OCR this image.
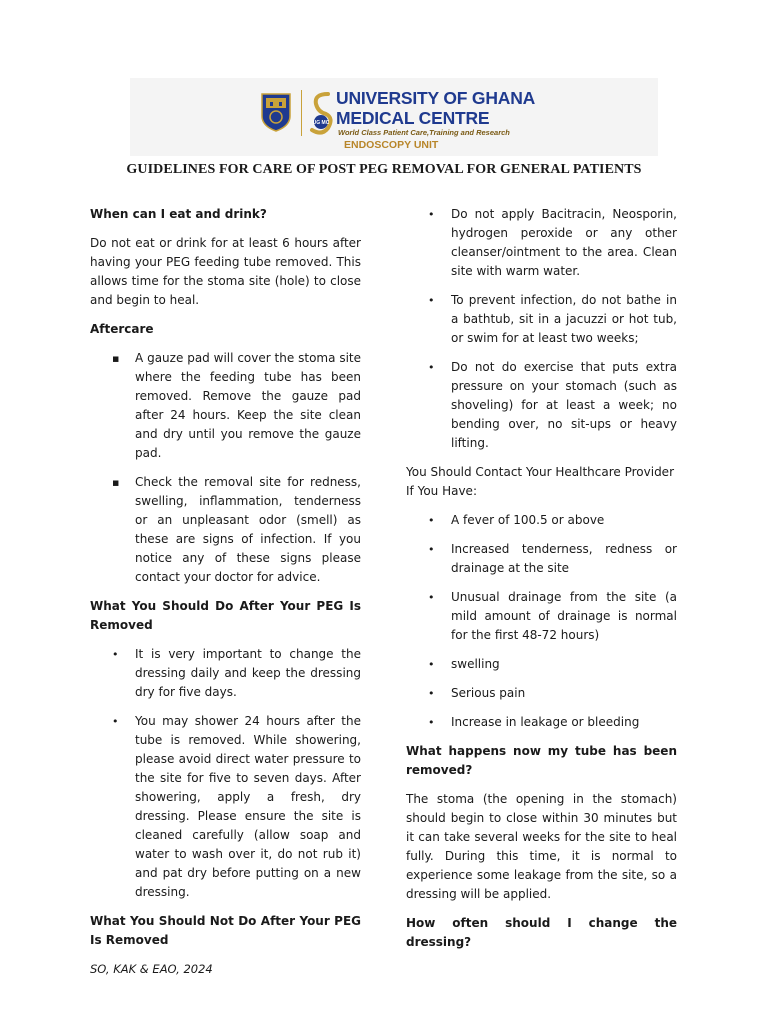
UG MC
UNIVERSITY OF GHANA
MEDICAL CENTRE
World Class Patient Care,Training and Research
ENDOSCOPY UNIT
GUIDELINES FOR CARE OF POST PEG REMOVAL FOR GENERAL PATIENTS

When can I eat and drink?

Do not eat or drink for at least 6 hours after having your PEG feeding tube removed. This allows time for the stoma site (hole) to close and begin to heal.

Aftercare

▪ A gauze pad will cover the stoma site where the feeding tube has been removed. Remove the gauze pad after 24 hours. Keep the site clean and dry until you remove the gauze pad.
▪ Check the removal site for redness, swelling, inflammation, tenderness or an unpleasant odor (smell) as these are signs of infection. If you notice any of these signs please contact your doctor for advice.

What You Should Do After Your PEG Is Removed

• It is very important to change the dressing daily and keep the dressing dry for five days.
• You may shower 24 hours after the tube is removed. While showering, please avoid direct water pressure to the site for five to seven days. After showering, apply a fresh, dry dressing. Please ensure the site is cleaned carefully (allow soap and water to wash over it, do not rub it) and pat dry before putting on a new dressing.

What You Should Not Do After Your PEG Is Removed

• Do not apply Bacitracin, Neosporin, hydrogen peroxide or any other cleanser/ointment to the area. Clean site with warm water.
• To prevent infection, do not bathe in a bathtub, sit in a jacuzzi or hot tub, or swim for at least two weeks;
• Do not do exercise that puts extra pressure on your stomach (such as shoveling) for at least a week; no bending over, no sit-ups or heavy lifting.

You Should Contact Your Healthcare Provider If You Have:

• A fever of 100.5 or above
• Increased tenderness, redness or drainage at the site
• Unusual drainage from the site (a mild amount of drainage is normal for the first 48-72 hours)
• swelling
• Serious pain
• Increase in leakage or bleeding

What happens now my tube has been removed?

The stoma (the opening in the stomach) should begin to close within 30 minutes but it can take several weeks for the site to heal fully. During this time, it is normal to experience some leakage from the site, so a dressing will be applied.

How often should I change the dressing?

SO, KAK & EAO, 2024
